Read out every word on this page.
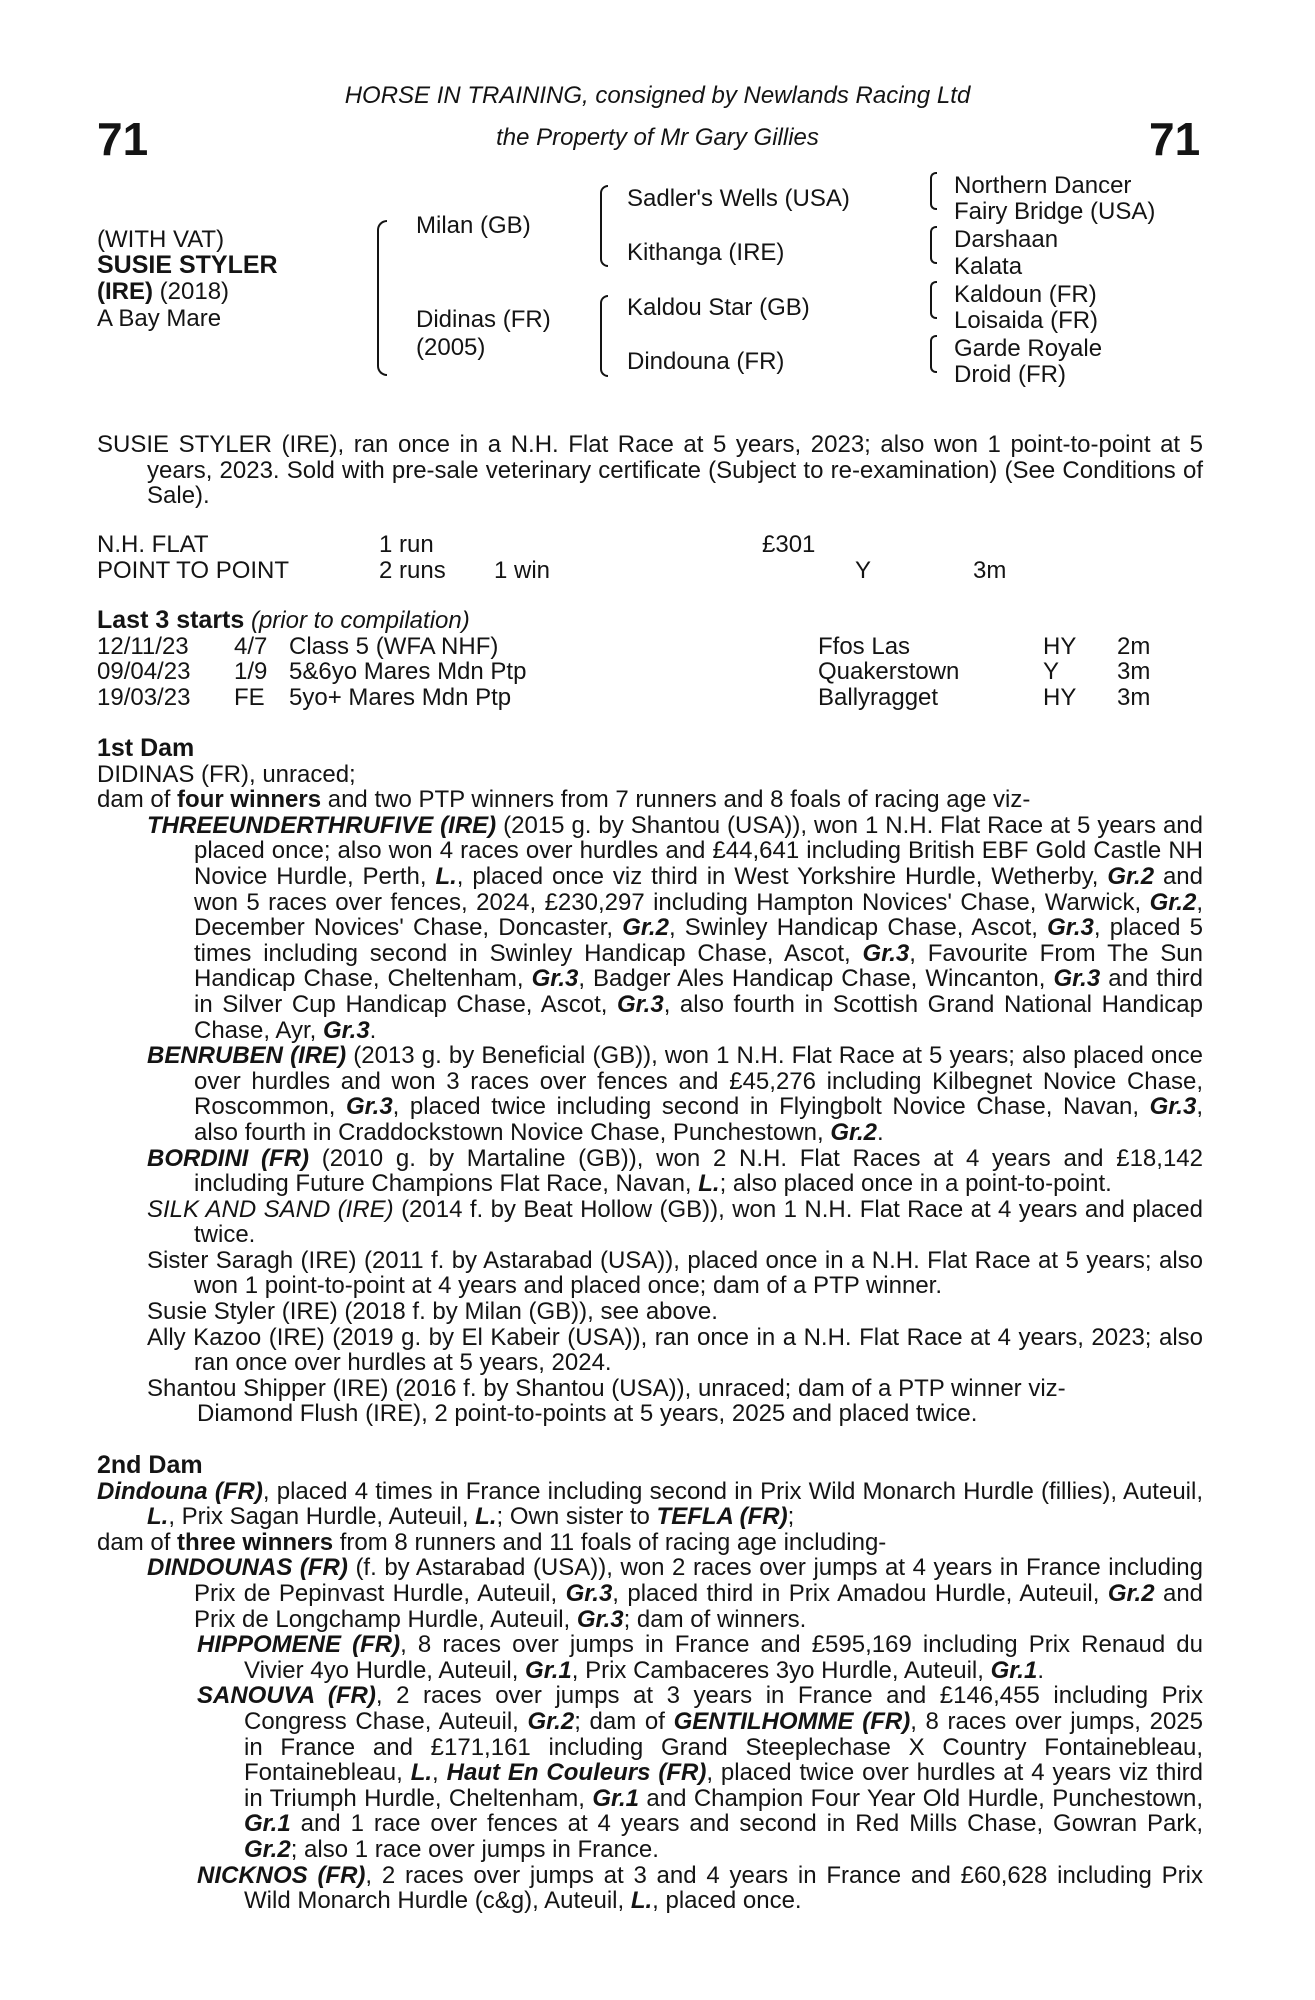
71	71
HORSE IN TRAINING, consigned by Newlands Racing Ltd
the Property of Mr Gary Gillies
(WITH VAT)
SUSIE STYLER
(IRE) (2018)
A Bay Mare
Milan (GB)
Didinas (FR)
(2005)
Sadler's Wells (USA)
Kithanga (IRE)
Kaldou Star (GB)
Dindouna (FR)
Northern Dancer
Fairy Bridge (USA)
Darshaan
Kalata
Kaldoun (FR)
Loisaida (FR)
Garde Royale
Droid (FR)

SUSIE STYLER (IRE), ran once in a N.H. Flat Race at 5 years, 2023; also won 1 point-to-point at 5 years, 2023. Sold with pre-sale veterinary certificate (Subject to re-examination) (See Conditions of Sale).

N.H. FLAT	1 run	£301
POINT TO POINT	2 runs 1 win	Y	3m
Last 3 starts (prior to compilation)
12/11/23 4/7 Class 5 (WFA NHF)	Ffos Las	HY 2m
09/04/23 1/9 5&6yo Mares Mdn Ptp	Quakerstown	Y 3m
19/03/23 FE 5yo+ Mares Mdn Ptp	Ballyragget	HY 3m

1st Dam

DIDINAS (FR), unraced;

dam of four winners and two PTP winners from 7 runners and 8 foals of racing age viz-

THREEUNDERTHRUFIVE (IRE) (2015 g. by Shantou (USA)), won 1 N.H. Flat Race at 5 years and placed once; also won 4 races over hurdles and £44,641 including British EBF Gold Castle NH Novice Hurdle, Perth, L., placed once viz third in West Yorkshire Hurdle, Wetherby, Gr.2 and won 5 races over fences, 2024, £230,297 including Hampton Novices' Chase, Warwick, Gr.2, December Novices' Chase, Doncaster, Gr.2, Swinley Handicap Chase, Ascot, Gr.3, placed 5 times including second in Swinley Handicap Chase, Ascot, Gr.3, Favourite From The Sun Handicap Chase, Cheltenham, Gr.3, Badger Ales Handicap Chase, Wincanton, Gr.3 and third in Silver Cup Handicap Chase, Ascot, Gr.3, also fourth in Scottish Grand National Handicap Chase, Ayr, Gr.3.

BENRUBEN (IRE) (2013 g. by Beneficial (GB)), won 1 N.H. Flat Race at 5 years; also placed once over hurdles and won 3 races over fences and £45,276 including Kilbegnet Novice Chase, Roscommon, Gr.3, placed twice including second in Flyingbolt Novice Chase, Navan, Gr.3, also fourth in Craddockstown Novice Chase, Punchestown, Gr.2.

BORDINI (FR) (2010 g. by Martaline (GB)), won 2 N.H. Flat Races at 4 years and £18,142 including Future Champions Flat Race, Navan, L.; also placed once in a point-to-point.

SILK AND SAND (IRE) (2014 f. by Beat Hollow (GB)), won 1 N.H. Flat Race at 4 years and placed twice.

Sister Saragh (IRE) (2011 f. by Astarabad (USA)), placed once in a N.H. Flat Race at 5 years; also won 1 point-to-point at 4 years and placed once; dam of a PTP winner.

Susie Styler (IRE) (2018 f. by Milan (GB)), see above.

Ally Kazoo (IRE) (2019 g. by El Kabeir (USA)), ran once in a N.H. Flat Race at 4 years, 2023; also ran once over hurdles at 5 years, 2024.

Shantou Shipper (IRE) (2016 f. by Shantou (USA)), unraced; dam of a PTP winner viz-

Diamond Flush (IRE), 2 point-to-points at 5 years, 2025 and placed twice.

2nd Dam

Dindouna (FR), placed 4 times in France including second in Prix Wild Monarch Hurdle (fillies), Auteuil, L., Prix Sagan Hurdle, Auteuil, L.; Own sister to TEFLA (FR);

dam of three winners from 8 runners and 11 foals of racing age including-

DINDOUNAS (FR) (f. by Astarabad (USA)), won 2 races over jumps at 4 years in France including Prix de Pepinvast Hurdle, Auteuil, Gr.3, placed third in Prix Amadou Hurdle, Auteuil, Gr.2 and Prix de Longchamp Hurdle, Auteuil, Gr.3; dam of winners.

HIPPOMENE (FR), 8 races over jumps in France and £595,169 including Prix Renaud du Vivier 4yo Hurdle, Auteuil, Gr.1, Prix Cambaceres 3yo Hurdle, Auteuil, Gr.1.

SANOUVA (FR), 2 races over jumps at 3 years in France and £146,455 including Prix Congress Chase, Auteuil, Gr.2; dam of GENTILHOMME (FR), 8 races over jumps, 2025 in France and £171,161 including Grand Steeplechase X Country Fontainebleau, Fontainebleau, L., Haut En Couleurs (FR), placed twice over hurdles at 4 years viz third in Triumph Hurdle, Cheltenham, Gr.1 and Champion Four Year Old Hurdle, Punchestown, Gr.1 and 1 race over fences at 4 years and second in Red Mills Chase, Gowran Park, Gr.2; also 1 race over jumps in France.

NICKNOS (FR), 2 races over jumps at 3 and 4 years in France and £60,628 including Prix Wild Monarch Hurdle (c&g), Auteuil, L., placed once.
